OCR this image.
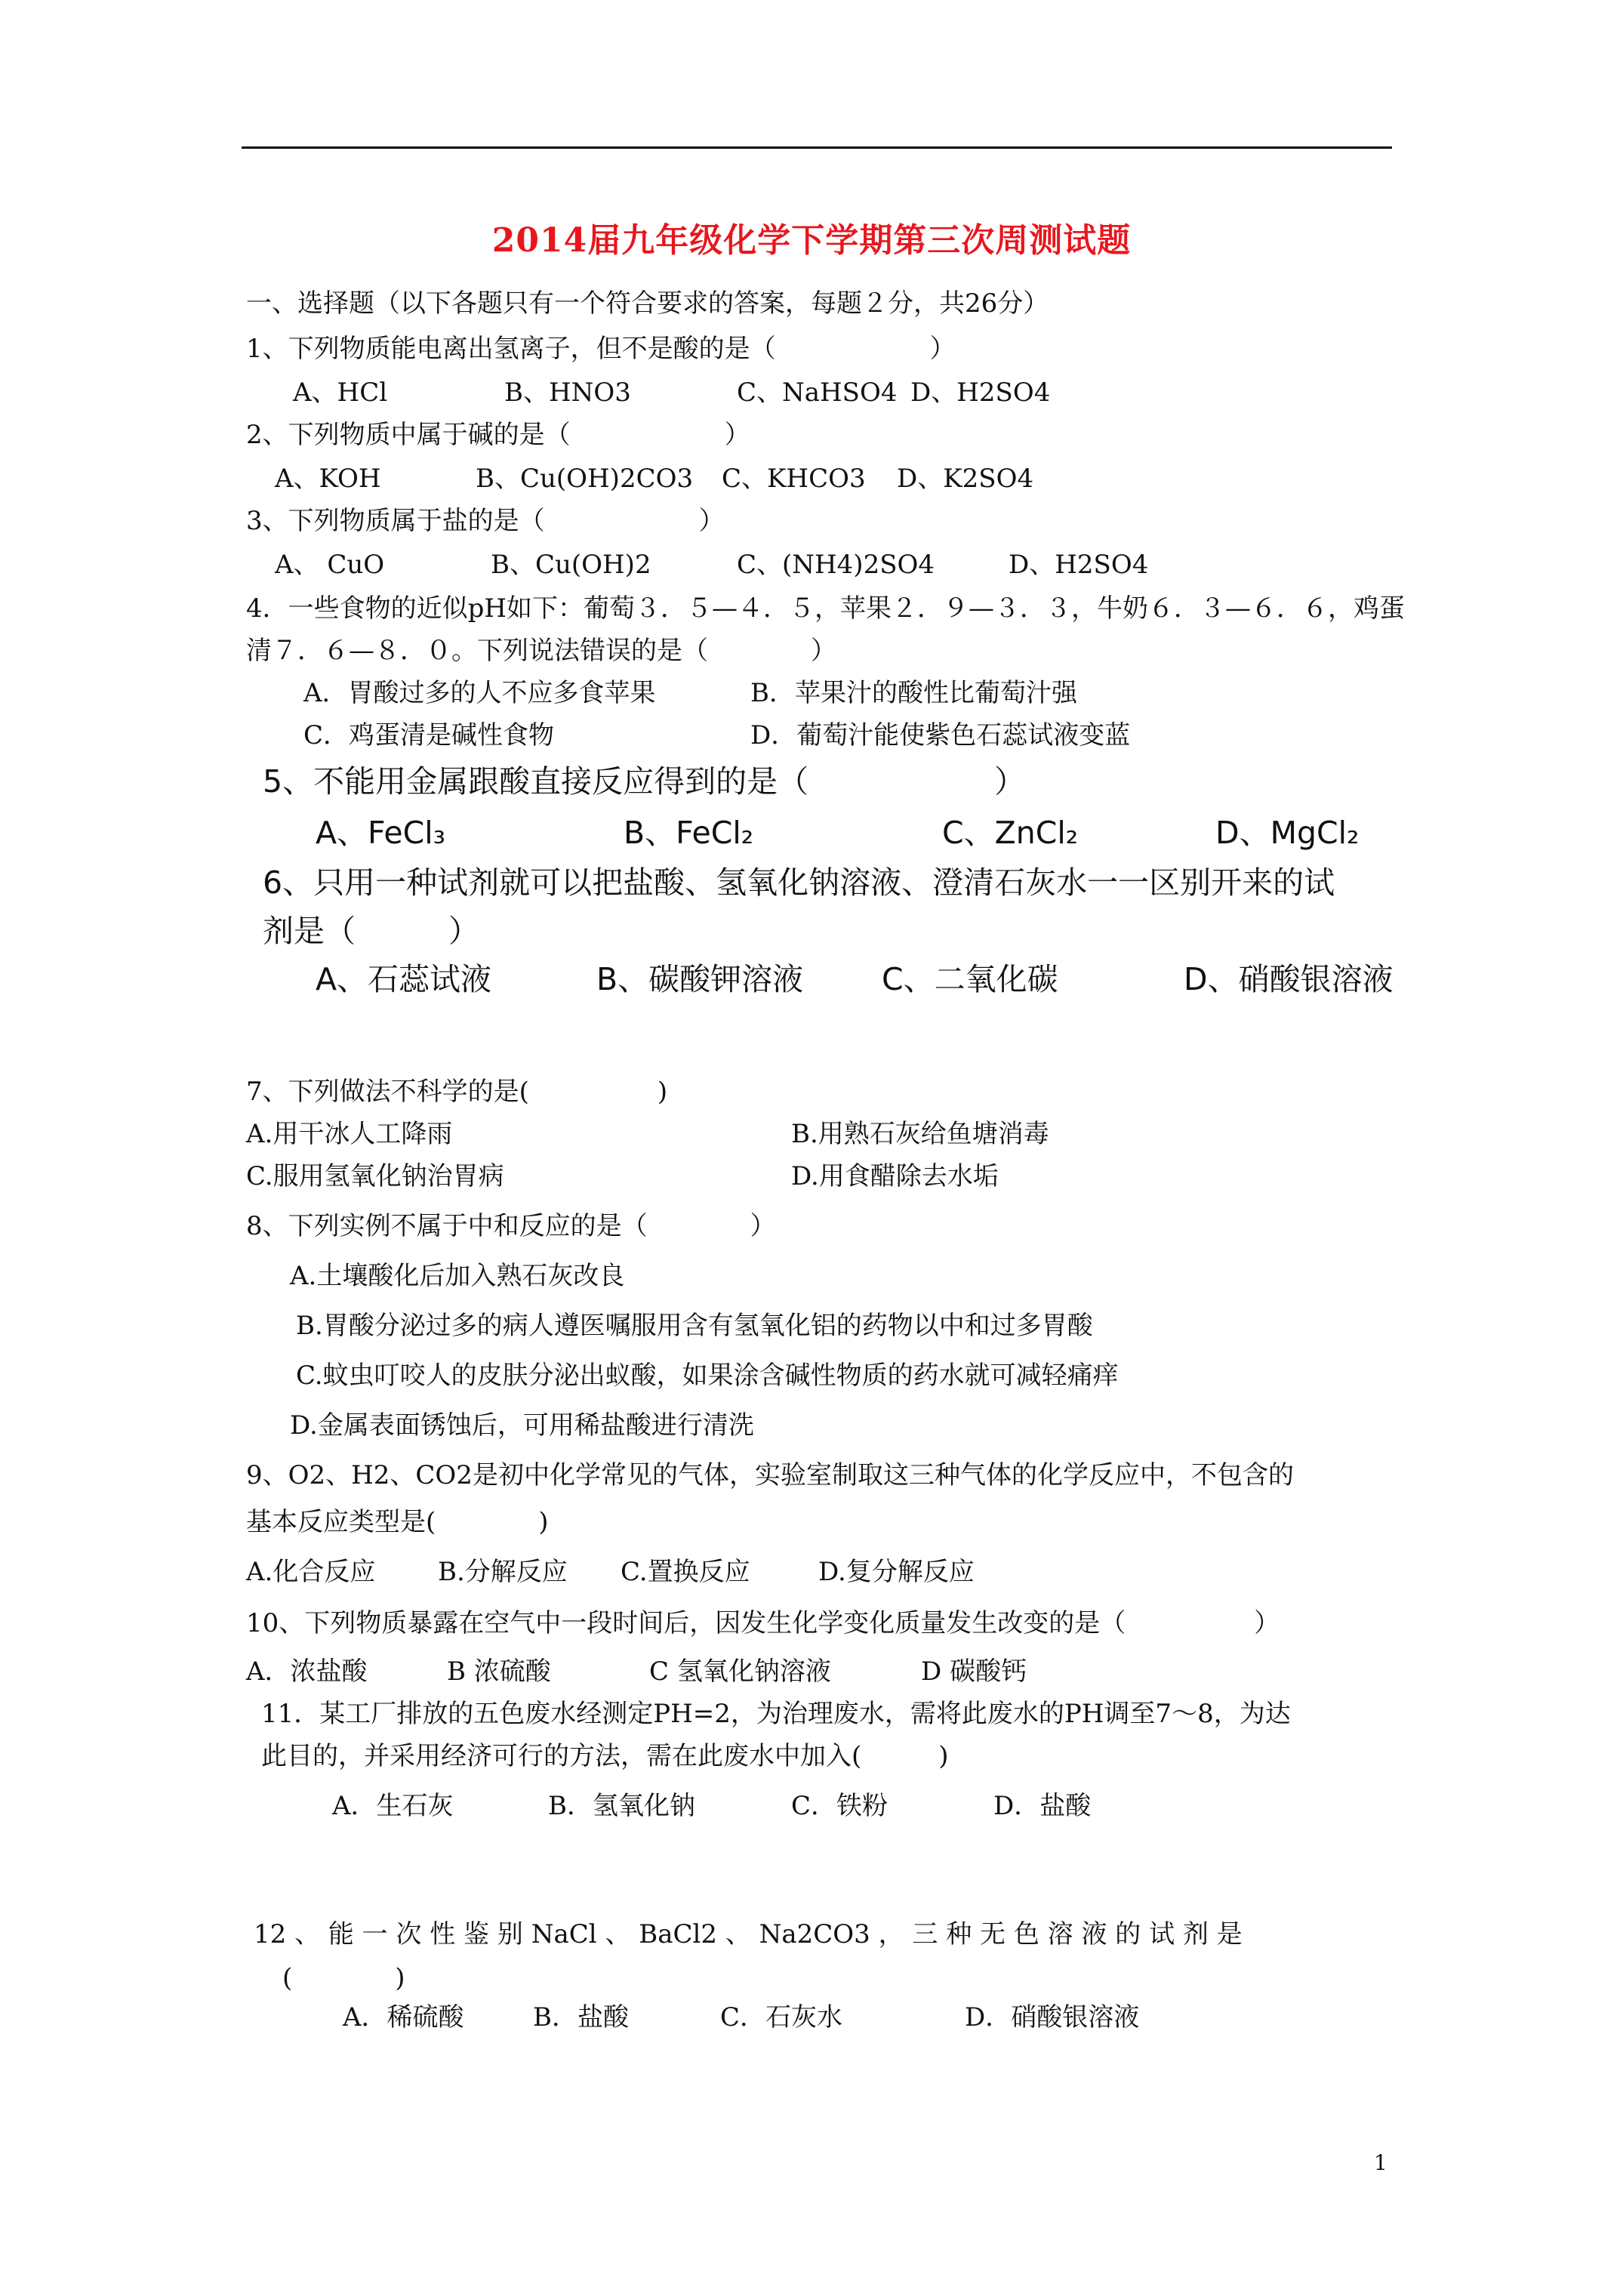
2014届九年级化学下学期第三次周测试题
一、选择题（以下各题只有一个符合要求的答案，每题２分，共26分）
1、下列物质能电离出氢离子，但不是酸的是（　　　　　　）
A、HCl	B、HNO3	C、NaHSO4 D、H2SO4
2、下列物质中属于碱的是（　　　　　　）
A、KOH	B、Cu(OH)2CO3 C、KHCO3 D、K2SO4
3、下列物质属于盐的是（　　　　　　）
A、 CuO	B、Cu(OH)2	C、(NH4)2SO4	D、H2SO4
4．一些食物的近似pH如下：葡萄３．５—４．５，苹果２．９—３．３，牛奶６．３—６．６，鸡蛋
清７．６—８．０。下列说法错误的是（　　　　）
A．胃酸过多的人不应多食苹果	B．苹果汁的酸性比葡萄汁强
C．鸡蛋清是碱性食物	D．葡萄汁能使紫色石蕊试液变蓝
5、不能用金属跟酸直接反应得到的是（　　　　　　）
A、FeCl₃	B、FeCl₂	C、ZnCl₂	D、MgCl₂
6、只用一种试剂就可以把盐酸、氢氧化钠溶液、澄清石灰水一一区别开来的试
剂是（　　　）
A、石蕊试液	B、碳酸钾溶液	C、二氧化碳	D、硝酸银溶液
7、下列做法不科学的是(　　　　　)
A.用干冰人工降雨	B.用熟石灰给鱼塘消毒
C.服用氢氧化钠治胃病	D.用食醋除去水垢
8、下列实例不属于中和反应的是（　　　　）
A.土壤酸化后加入熟石灰改良
B.胃酸分泌过多的病人遵医嘱服用含有氢氧化铝的药物以中和过多胃酸
C.蚊虫叮咬人的皮肤分泌出蚁酸，如果涂含碱性物质的药水就可减轻痛痒
D.金属表面锈蚀后，可用稀盐酸进行清洗
9、O2、H2、CO2是初中化学常见的气体，实验室制取这三种气体的化学反应中，不包含的
基本反应类型是(　　　　)
A.化合反应 B.分解反应 C.置换反应	D.复分解反应
10、下列物质暴露在空气中一段时间后，因发生化学变化质量发生改变的是（　　　　　）
A．浓盐酸	B 浓硫酸	C 氢氧化钠溶液	D 碳酸钙
11．某工厂排放的五色废水经测定PH=2，为治理废水，需将此废水的PH调至7～8，为达
此目的，并采用经济可行的方法，需在此废水中加入(　　　)
A．生石灰	B．氢氧化钠	C．铁粉	D．盐酸
12 、 能 一 次 性 鉴 别 NaCl 、 BaCl2 、 Na2CO3 ， 三 种 无 色 溶 液 的 试 剂 是
(　　　　)
A．稀硫酸	B．盐酸	C．石灰水	D．硝酸银溶液
1
